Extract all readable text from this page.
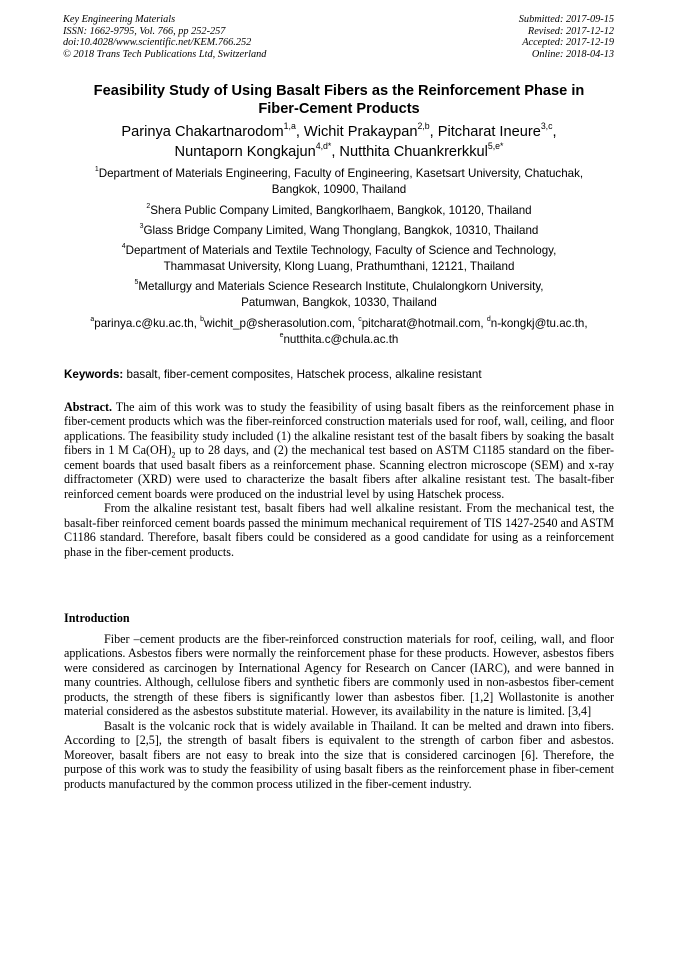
Key Engineering Materials
ISSN: 1662-9795, Vol. 766, pp 252-257
doi:10.4028/www.scientific.net/KEM.766.252
© 2018 Trans Tech Publications Ltd, Switzerland
Submitted: 2017-09-15
Revised: 2017-12-12
Accepted: 2017-12-19
Online: 2018-04-13
Feasibility Study of Using Basalt Fibers as the Reinforcement Phase in
Fiber-Cement Products
Parinya Chakartnarodom$^{1,a}$, Wichit Prakaypan$^{2,b}$, Pitcharat Ineure$^{3,c}$,
Nuntaporn Kongkajun$^{4,d*}$, Nutthita Chuankrerkkul$^{5,e*}$
$^1$Department of Materials Engineering, Faculty of Engineering, Kasetsart University, Chatuchak,
Bangkok, 10900, Thailand
$^2$Shera Public Company Limited, Bangkorlhaem, Bangkok, 10120, Thailand
$^3$Glass Bridge Company Limited, Wang Thonglang, Bangkok, 10310, Thailand
$^4$Department of Materials and Textile Technology, Faculty of Science and Technology,
Thammasat University, Klong Luang, Prathumthani, 12121, Thailand
$^5$Metallurgy and Materials Science Research Institute, Chulalongkorn University,
Patumwan, Bangkok, 10330, Thailand
$^a$parinya.c@ku.ac.th, $^b$wichit_p@sherasolution.com, $^c$pitcharat@hotmail.com, $^d$n-kongkj@tu.ac.th,
$^e$nutthita.c@chula.ac.th
Keywords: basalt, fiber-cement composites, Hatschek process, alkaline resistant

Abstract. The aim of this work was to study the feasibility of using basalt fibers as the reinforcement phase in fiber-cement products which was the fiber-reinforced construction materials used for roof, wall, ceiling, and floor applications. The feasibility study included (1) the alkaline resistant test of the basalt fibers by soaking the basalt fibers in 1 M $Ca(OH)_2$ up to 28 days, and (2) the mechanical test based on ASTM C1185 standard on the fiber-cement boards that used basalt fibers as a reinforcement phase. Scanning electron microscope (SEM) and x-ray diffractometer (XRD) were used to characterize the basalt fibers after alkaline resistant test. The basalt-fiber reinforced cement boards were produced on the industrial level by using Hatschek process.

From the alkaline resistant test, basalt fibers had well alkaline resistant. From the mechanical test, the basalt-fiber reinforced cement boards passed the minimum mechanical requirement of TIS 1427-2540 and ASTM C1186 standard. Therefore, basalt fibers could be considered as a good candidate for using as a reinforcement phase in the fiber-cement products.

Introduction

Fiber –cement products are the fiber-reinforced construction materials for roof, ceiling, wall, and floor applications. Asbestos fibers were normally the reinforcement phase for these products. However, asbestos fibers were considered as carcinogen by International Agency for Research on Cancer (IARC), and were banned in many countries. Although, cellulose fibers and synthetic fibers are commonly used in non-asbestos fiber-cement products, the strength of these fibers is significantly lower than asbestos fiber. [1,2] Wollastonite is another material considered as the asbestos substitute material. However, its availability in the nature is limited. [3,4]

Basalt is the volcanic rock that is widely available in Thailand. It can be melted and drawn into fibers. According to [2,5], the strength of basalt fibers is equivalent to the strength of carbon fiber and asbestos. Moreover, basalt fibers are not easy to break into the size that is considered carcinogen [6]. Therefore, the purpose of this work was to study the feasibility of using basalt fibers as the reinforcement phase in fiber-cement products manufactured by the common process utilized in the fiber-cement industry.
